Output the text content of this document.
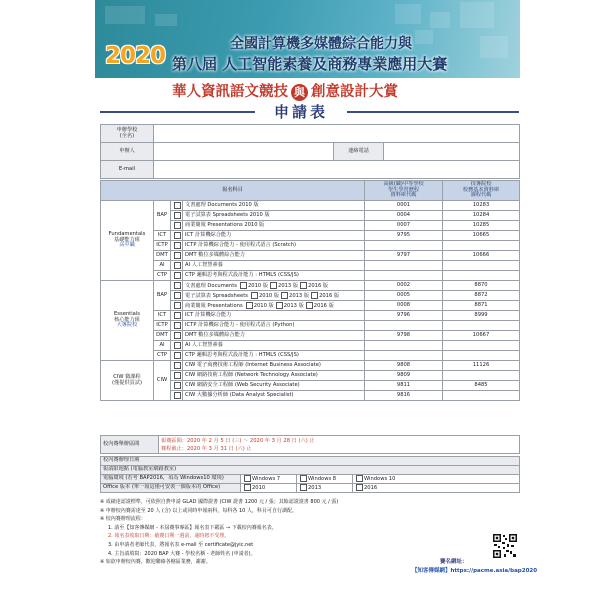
2020	全國計算機多媒體綜合能力與
第八屆 人工智能素養及商務專業應用大賽
華人資訊語文競技 與 創意設計大賞
申請表
申辦學校
(全名)			
申辦人		連絡電話	
E-mail			
報名科目				高級(職)中等學校
學生學習歷程
資料庫代碼	技專院校
校務基本資料庫
課程代碼

Fundamentals
基礎能力組
高中職	BAP		文書處理 Documents 2010 版	0001	10283
			電子試算表 Spreadsheets 2010 版	0004	10284
			商業簡報 Presentations 2010 版	0007	10285
	ICT		ICT 計算機綜合能力	9795	10665
	ICTP		ICTP 計算機綜合能力 - 使用程式語言 (Scratch)		
	DMT		DMT 數位多媒體綜合能力	9797	10666
	AI		AI 人工智慧素養		
	CTP		CTP 邏輯思考與程式設計能力 : HTML5 (CSS/JS)		

Essentials
核心能力組
大專院校	BAP		文書處理 Documents 2010 版 2013 版 2016 版	0002	8870
			電子試算表 Spreadsheets 2010 版 2013 版 2016 版	0005	8872
			商業簡報 Presentations 2010 版 2013 版 2016 版	0008	8871
	ICT		ICT 計算機綜合能力	9796	8999
	ICTP		ICTP 計算機綜合能力 - 使用程式語言 (Python)		
	DMT		DMT 數位多媒體綜合能力	9798	10667
	AI		AI 人工智慧素養		
	CTP		CTP 邏輯思考與程式設計能力 : HTML5 (CSS/JS)		
CIW 微課程
(僅提供買試)	CIW		CIW 電子商務技術工程師 (Internet Business Associate)	9808	11126
			CIW 網路技術工程師 (Network Technology Associate)	9809	
			CIW 網路安全工程師 (Web Security Associate)	9811	8485
			CIW 大數據分析師 (Data Analyst Specialist)	9816	
校內賽舉辦區間	
報賽區間：2020 年 2 月 5 日 (三) ～ 2020 年 3 月 28 日 (六) 止
賽程截止：2020 年 3 月 31 日 (六) 止
校內賽辦理日期			
報請限地點 (電腦教室網路教室)			
電腦環境 (若考 BAP2016，須為 Windows10 環境)	Windows 7	Windows 8	Windows 10
Office 版本 (單一報這僅可安裝一個版本的 Office)	2010	2013	2016
※ 成績達認證標準，可依照自費申請 GLAD 國際證書 (CIW 證書 1200 元 / 張；其餘認證證書 800 元 / 張)
※ 申辦校內賽需達至 20 人 (含) 以上或同時申報兩科，每科各 10 人，科目可自行調配。
※ 校內賽辦理流程：
1. 請至【知客傳媒網 - 本屆賽事專區】報名表下載區 → 下載校內賽報名表。
2. 報名表收取日期：截賽日期一週前，逾時恕不受理。
3. 由申請者老師代表，將報名表 e-mail 至 certificate@jyic.net
4. 主旨請填寫：2020 BAP 大賽 - 學校名稱 - 老師姓名 (申請者)。
※ 如欲申辦校內賽，歡迎聯絡各轄區業務，謝謝。	賽名網址：
【知客傳媒網】https://pacme.asia/bap2020
